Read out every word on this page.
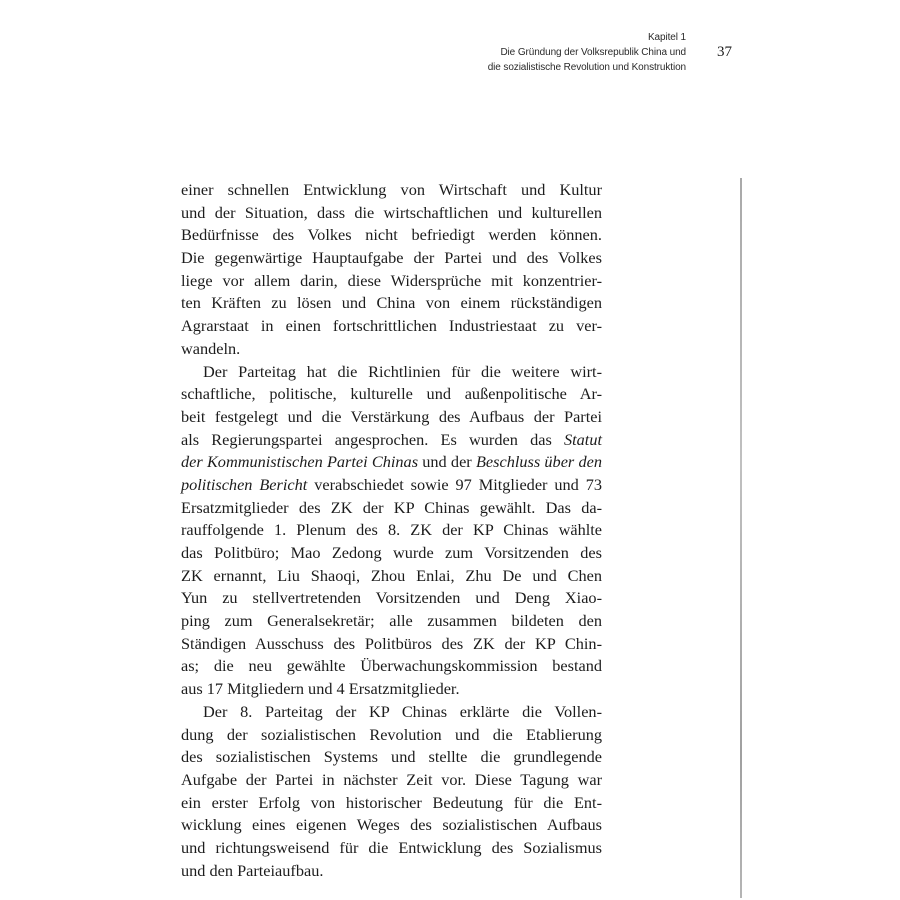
Kapitel 1
Die Gründung der Volksrepublik China und
die sozialistische Revolution und Konstruktion
37
einer schnellen Entwicklung von Wirtschaft und Kultur
und der Situation, dass die wirtschaftlichen und kulturellen
Bedürfnisse des Volkes nicht befriedigt werden können.
Die gegenwärtige Hauptaufgabe der Partei und des Volkes
liege vor allem darin, diese Widersprüche mit konzentrier-
ten Kräften zu lösen und China von einem rückständigen
Agrarstaat in einen fortschrittlichen Industriestaat zu ver-
wandeln.
Der Parteitag hat die Richtlinien für die weitere wirt-
schaftliche, politische, kulturelle und außenpolitische Ar-
beit festgelegt und die Verstärkung des Aufbaus der Partei
als Regierungspartei angesprochen. Es wurden das Statut
der Kommunistischen Partei Chinas und der Beschluss über den
politischen Bericht verabschiedet sowie 97 Mitglieder und 73
Ersatzmitglieder des ZK der KP Chinas gewählt. Das da-
rauffolgende 1. Plenum des 8. ZK der KP Chinas wählte
das Politbüro; Mao Zedong wurde zum Vorsitzenden des
ZK ernannt, Liu Shaoqi, Zhou Enlai, Zhu De und Chen
Yun zu stellvertretenden Vorsitzenden und Deng Xiao-
ping zum Generalsekretär; alle zusammen bildeten den
Ständigen Ausschuss des Politbüros des ZK der KP Chin-
as; die neu gewählte Überwachungskommission bestand
aus 17 Mitgliedern und 4 Ersatzmitglieder.
Der 8. Parteitag der KP Chinas erklärte die Vollen-
dung der sozialistischen Revolution und die Etablierung
des sozialistischen Systems und stellte die grundlegende
Aufgabe der Partei in nächster Zeit vor. Diese Tagung war
ein erster Erfolg von historischer Bedeutung für die Ent-
wicklung eines eigenen Weges des sozialistischen Aufbaus
und richtungsweisend für die Entwicklung des Sozialismus
und den Parteiaufbau.
